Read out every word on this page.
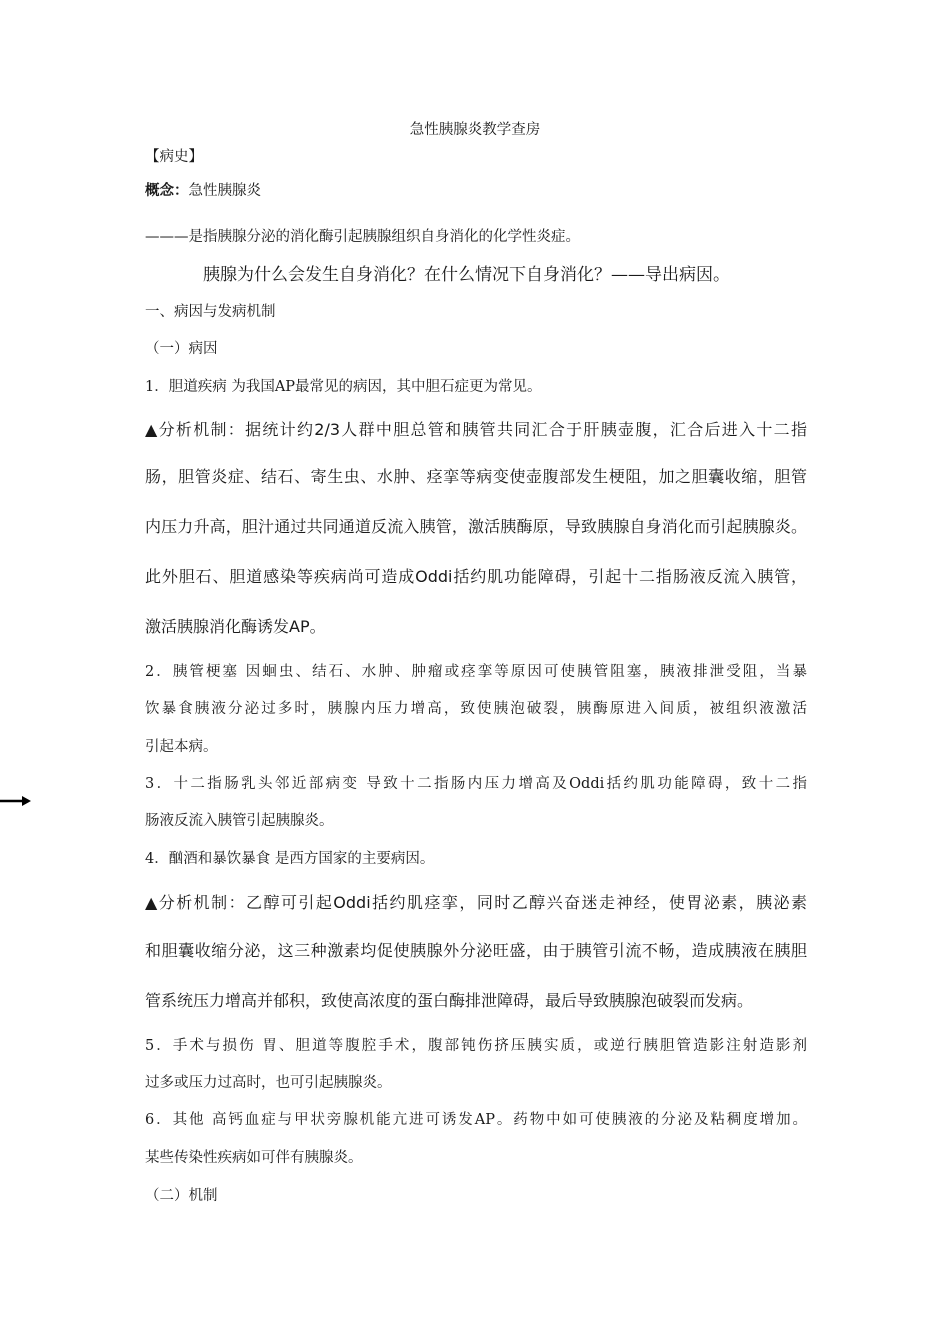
急性胰腺炎教学查房
【病史】
概念：急性胰腺炎
———是指胰腺分泌的消化酶引起胰腺组织自身消化的化学性炎症。
胰腺为什么会发生自身消化？在什么情况下自身消化？——导出病因。
一、病因与发病机制
（一）病因
1．胆道疾病 为我国AP最常见的病因，其中胆石症更为常见。
▲分析机制：据统计约2/3人群中胆总管和胰管共同汇合于肝胰壶腹，汇合后进入十二指
肠，胆管炎症、结石、寄生虫、水肿、痉挛等病变使壶腹部发生梗阻，加之胆囊收缩，胆管
内压力升高，胆汁通过共同通道反流入胰管，激活胰酶原，导致胰腺自身消化而引起胰腺炎。
此外胆石、胆道感染等疾病尚可造成Oddi括约肌功能障碍，引起十二指肠液反流入胰管，
激活胰腺消化酶诱发AP。
2．胰管梗塞 因蛔虫、结石、水肿、肿瘤或痉挛等原因可使胰管阻塞，胰液排泄受阻，当暴
饮暴食胰液分泌过多时，胰腺内压力增高，致使胰泡破裂，胰酶原进入间质，被组织液激活
引起本病。
3．十二指肠乳头邻近部病变 导致十二指肠内压力增高及Oddi括约肌功能障碍，致十二指
肠液反流入胰管引起胰腺炎。
4．酗酒和暴饮暴食 是西方国家的主要病因。
▲分析机制：乙醇可引起Oddi括约肌痉挛，同时乙醇兴奋迷走神经，使胃泌素，胰泌素
和胆囊收缩分泌，这三种激素均促使胰腺外分泌旺盛，由于胰管引流不畅，造成胰液在胰胆
管系统压力增高并郁积，致使高浓度的蛋白酶排泄障碍，最后导致胰腺泡破裂而发病。
5．手术与损伤 胃、胆道等腹腔手术，腹部钝伤挤压胰实质，或逆行胰胆管造影注射造影剂
过多或压力过高时，也可引起胰腺炎。
6．其他 高钙血症与甲状旁腺机能亢进可诱发AP。药物中如可使胰液的分泌及粘稠度增加。
某些传染性疾病如可伴有胰腺炎。
（二）机制
